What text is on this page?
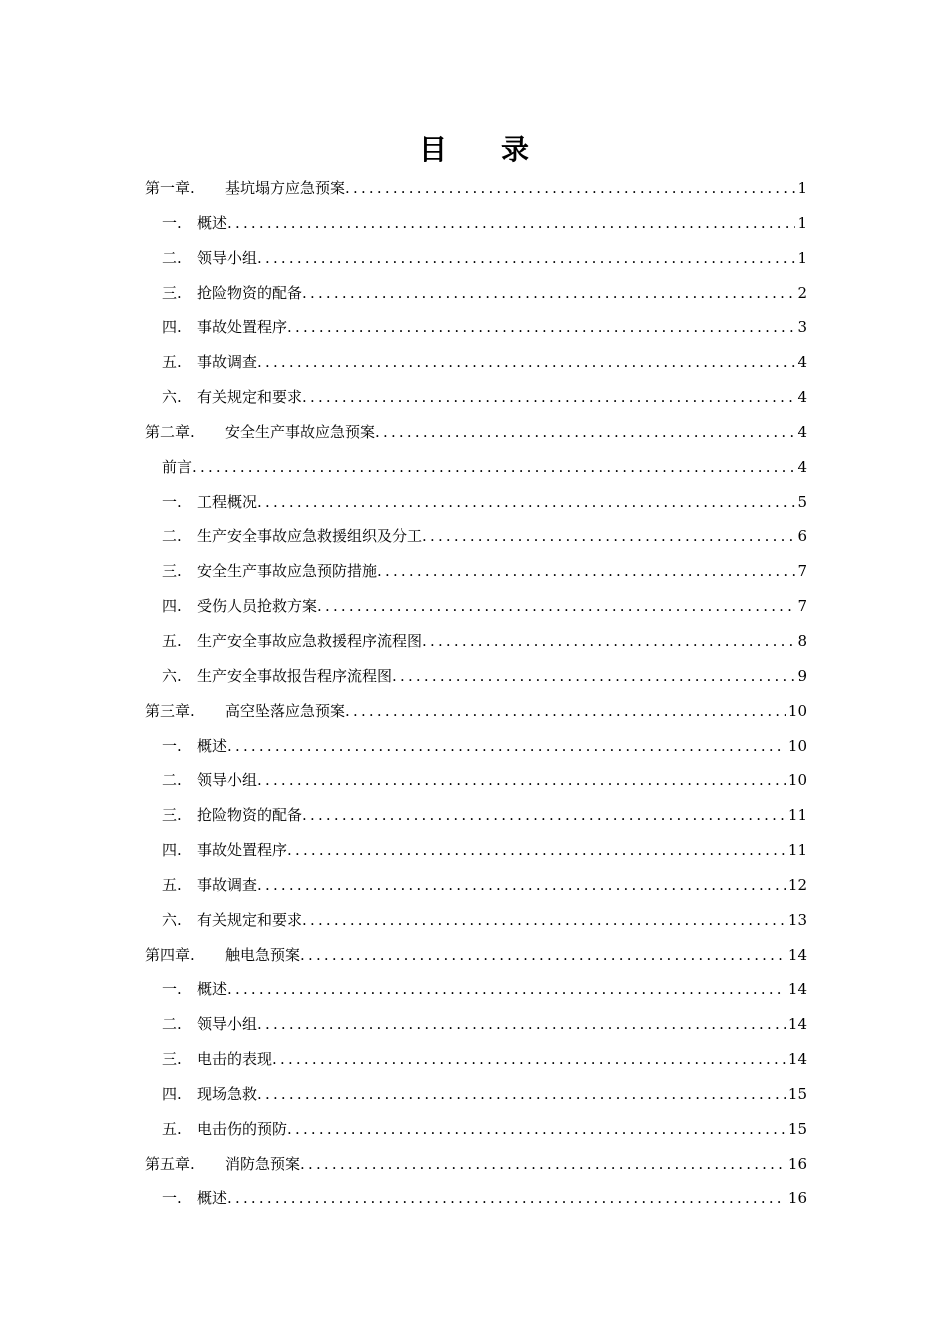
目 录
第一章.	基坑塌方应急预案 .....	1
一.	概述 .....	1
二.	领导小组 .....	1
三.	抢险物资的配备 .....	2
四.	事故处置程序 .....	3
五.	事故调查 .....	4
六.	有关规定和要求 .....	4
第二章.	安全生产事故应急预案 .....	4
前言 .....	4
一.	工程概况 .....	5
二.	生产安全事故应急救援组织及分工 .....	6
三.	安全生产事故应急预防措施 .....	7
四.	受伤人员抢救方案 .....	7
五.	生产安全事故应急救援程序流程图 .....	8
六.	生产安全事故报告程序流程图 .....	9
第三章.	高空坠落应急预案 .....	10
一.	概述 .....	10
二.	领导小组 .....	10
三.	抢险物资的配备 .....	11
四.	事故处置程序 .....	11
五.	事故调查 .....	12
六.	有关规定和要求 .....	13
第四章.	触电急预案 .....	14
一.	概述 .....	14
二.	领导小组 .....	14
三.	电击的表现 .....	14
四.	现场急救 .....	15
五.	电击伤的预防 .....	15
第五章.	消防急预案 .....	16
一.	概述 .....	16
